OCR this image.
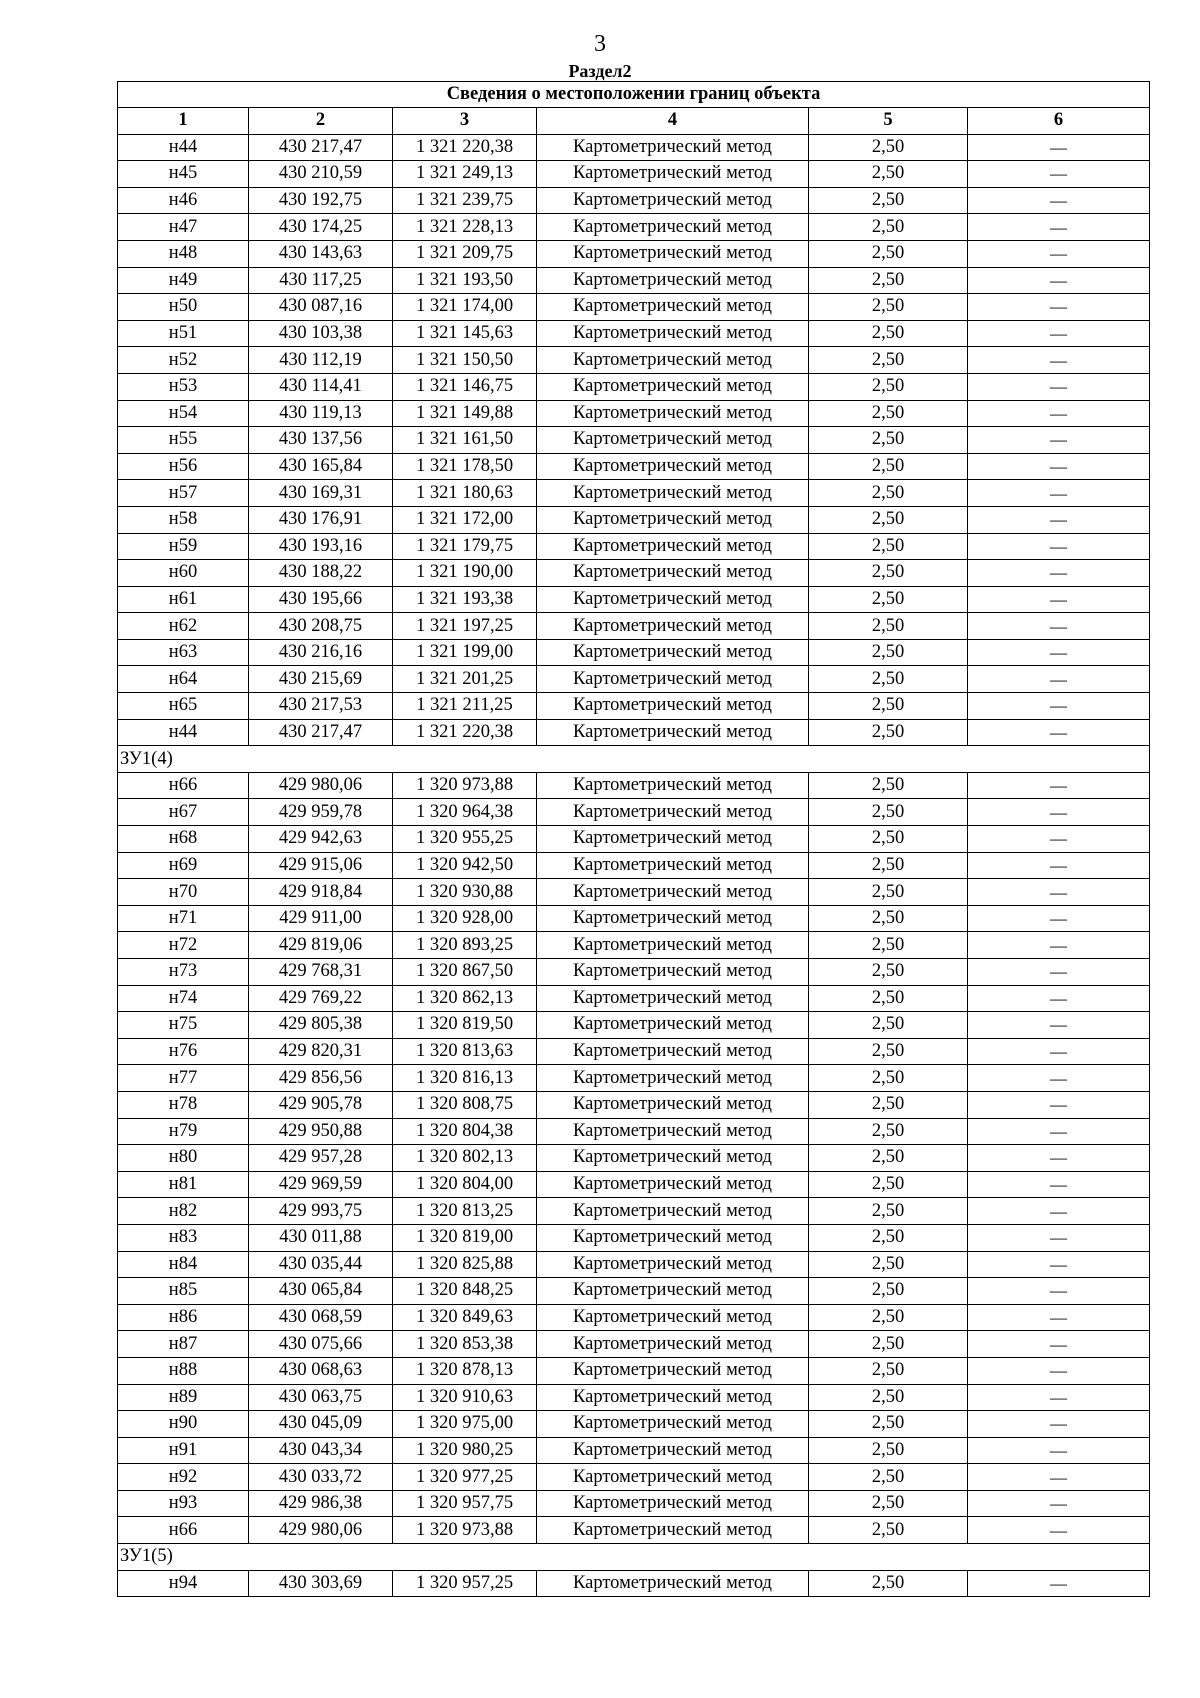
3
Раздел2
Сведения о местоположении границ объекта					
1	2	3	4	5	6
н44	430 217,47	1 321 220,38	Картометрический метод	2,50	—
н45	430 210,59	1 321 249,13	Картометрический метод	2,50	—
н46	430 192,75	1 321 239,75	Картометрический метод	2,50	—
н47	430 174,25	1 321 228,13	Картометрический метод	2,50	—
н48	430 143,63	1 321 209,75	Картометрический метод	2,50	—
н49	430 117,25	1 321 193,50	Картометрический метод	2,50	—
н50	430 087,16	1 321 174,00	Картометрический метод	2,50	—
н51	430 103,38	1 321 145,63	Картометрический метод	2,50	—
н52	430 112,19	1 321 150,50	Картометрический метод	2,50	—
н53	430 114,41	1 321 146,75	Картометрический метод	2,50	—
н54	430 119,13	1 321 149,88	Картометрический метод	2,50	—
н55	430 137,56	1 321 161,50	Картометрический метод	2,50	—
н56	430 165,84	1 321 178,50	Картометрический метод	2,50	—
н57	430 169,31	1 321 180,63	Картометрический метод	2,50	—
н58	430 176,91	1 321 172,00	Картометрический метод	2,50	—
н59	430 193,16	1 321 179,75	Картометрический метод	2,50	—
н60	430 188,22	1 321 190,00	Картометрический метод	2,50	—
н61	430 195,66	1 321 193,38	Картометрический метод	2,50	—
н62	430 208,75	1 321 197,25	Картометрический метод	2,50	—
н63	430 216,16	1 321 199,00	Картометрический метод	2,50	—
н64	430 215,69	1 321 201,25	Картометрический метод	2,50	—
н65	430 217,53	1 321 211,25	Картометрический метод	2,50	—
н44	430 217,47	1 321 220,38	Картометрический метод	2,50	—
ЗУ1(4)					
н66	429 980,06	1 320 973,88	Картометрический метод	2,50	—
н67	429 959,78	1 320 964,38	Картометрический метод	2,50	—
н68	429 942,63	1 320 955,25	Картометрический метод	2,50	—
н69	429 915,06	1 320 942,50	Картометрический метод	2,50	—
н70	429 918,84	1 320 930,88	Картометрический метод	2,50	—
н71	429 911,00	1 320 928,00	Картометрический метод	2,50	—
н72	429 819,06	1 320 893,25	Картометрический метод	2,50	—
н73	429 768,31	1 320 867,50	Картометрический метод	2,50	—
н74	429 769,22	1 320 862,13	Картометрический метод	2,50	—
н75	429 805,38	1 320 819,50	Картометрический метод	2,50	—
н76	429 820,31	1 320 813,63	Картометрический метод	2,50	—
н77	429 856,56	1 320 816,13	Картометрический метод	2,50	—
н78	429 905,78	1 320 808,75	Картометрический метод	2,50	—
н79	429 950,88	1 320 804,38	Картометрический метод	2,50	—
н80	429 957,28	1 320 802,13	Картометрический метод	2,50	—
н81	429 969,59	1 320 804,00	Картометрический метод	2,50	—
н82	429 993,75	1 320 813,25	Картометрический метод	2,50	—
н83	430 011,88	1 320 819,00	Картометрический метод	2,50	—
н84	430 035,44	1 320 825,88	Картометрический метод	2,50	—
н85	430 065,84	1 320 848,25	Картометрический метод	2,50	—
н86	430 068,59	1 320 849,63	Картометрический метод	2,50	—
н87	430 075,66	1 320 853,38	Картометрический метод	2,50	—
н88	430 068,63	1 320 878,13	Картометрический метод	2,50	—
н89	430 063,75	1 320 910,63	Картометрический метод	2,50	—
н90	430 045,09	1 320 975,00	Картометрический метод	2,50	—
н91	430 043,34	1 320 980,25	Картометрический метод	2,50	—
н92	430 033,72	1 320 977,25	Картометрический метод	2,50	—
н93	429 986,38	1 320 957,75	Картометрический метод	2,50	—
н66	429 980,06	1 320 973,88	Картометрический метод	2,50	—
ЗУ1(5)					
н94	430 303,69	1 320 957,25	Картометрический метод	2,50	—
